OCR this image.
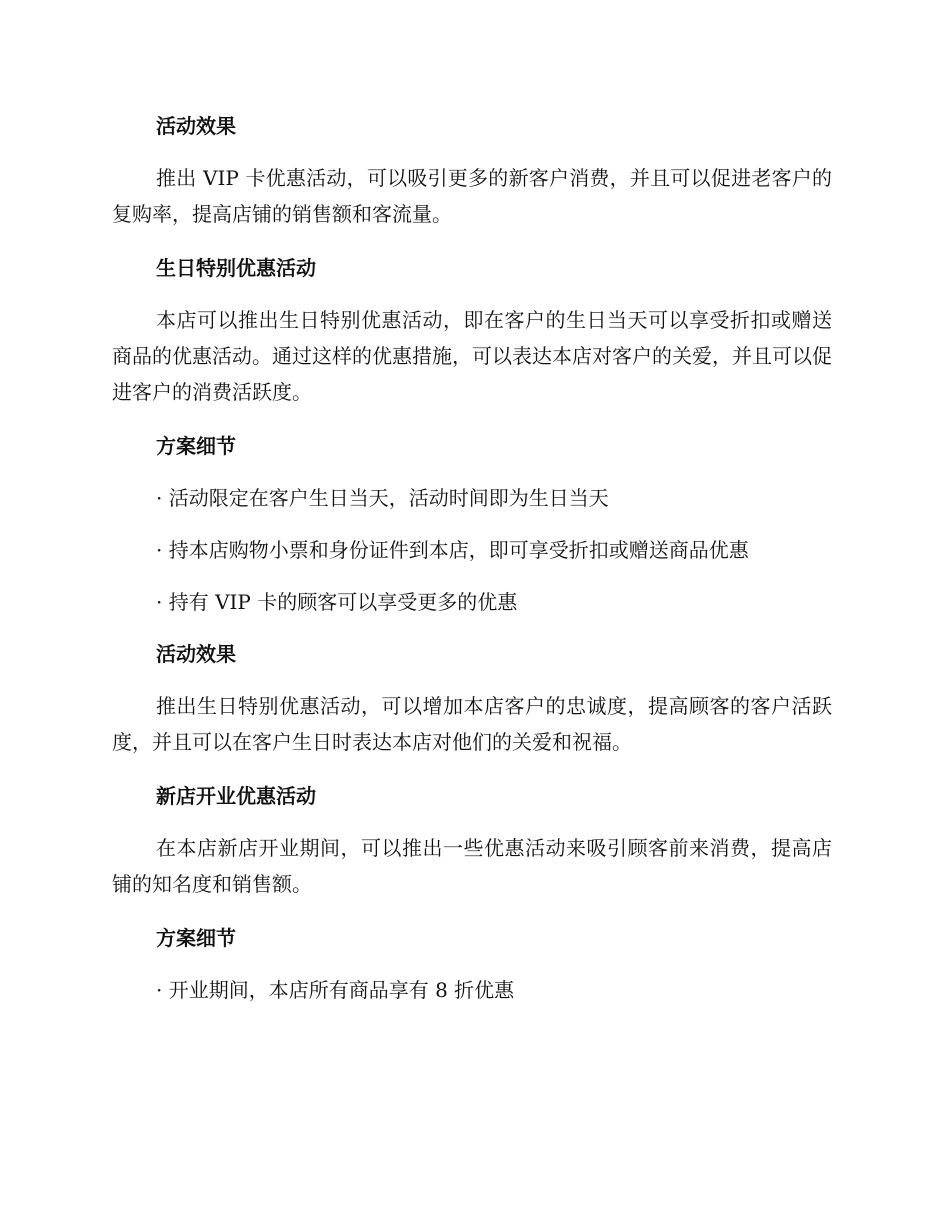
活动效果

推出 VIP 卡优惠活动，可以吸引更多的新客户消费，并且可以促进老客户的复购率，提高店铺的销售额和客流量。

生日特别优惠活动

本店可以推出生日特别优惠活动，即在客户的生日当天可以享受折扣或赠送商品的优惠活动。通过这样的优惠措施，可以表达本店对客户的关爱，并且可以促进客户的消费活跃度。

方案细节

· 活动限定在客户生日当天，活动时间即为生日当天

· 持本店购物小票和身份证件到本店，即可享受折扣或赠送商品优惠

· 持有 VIP 卡的顾客可以享受更多的优惠

活动效果

推出生日特别优惠活动，可以增加本店客户的忠诚度，提高顾客的客户活跃度，并且可以在客户生日时表达本店对他们的关爱和祝福。

新店开业优惠活动

在本店新店开业期间，可以推出一些优惠活动来吸引顾客前来消费，提高店铺的知名度和销售额。

方案细节

· 开业期间，本店所有商品享有 8 折优惠
